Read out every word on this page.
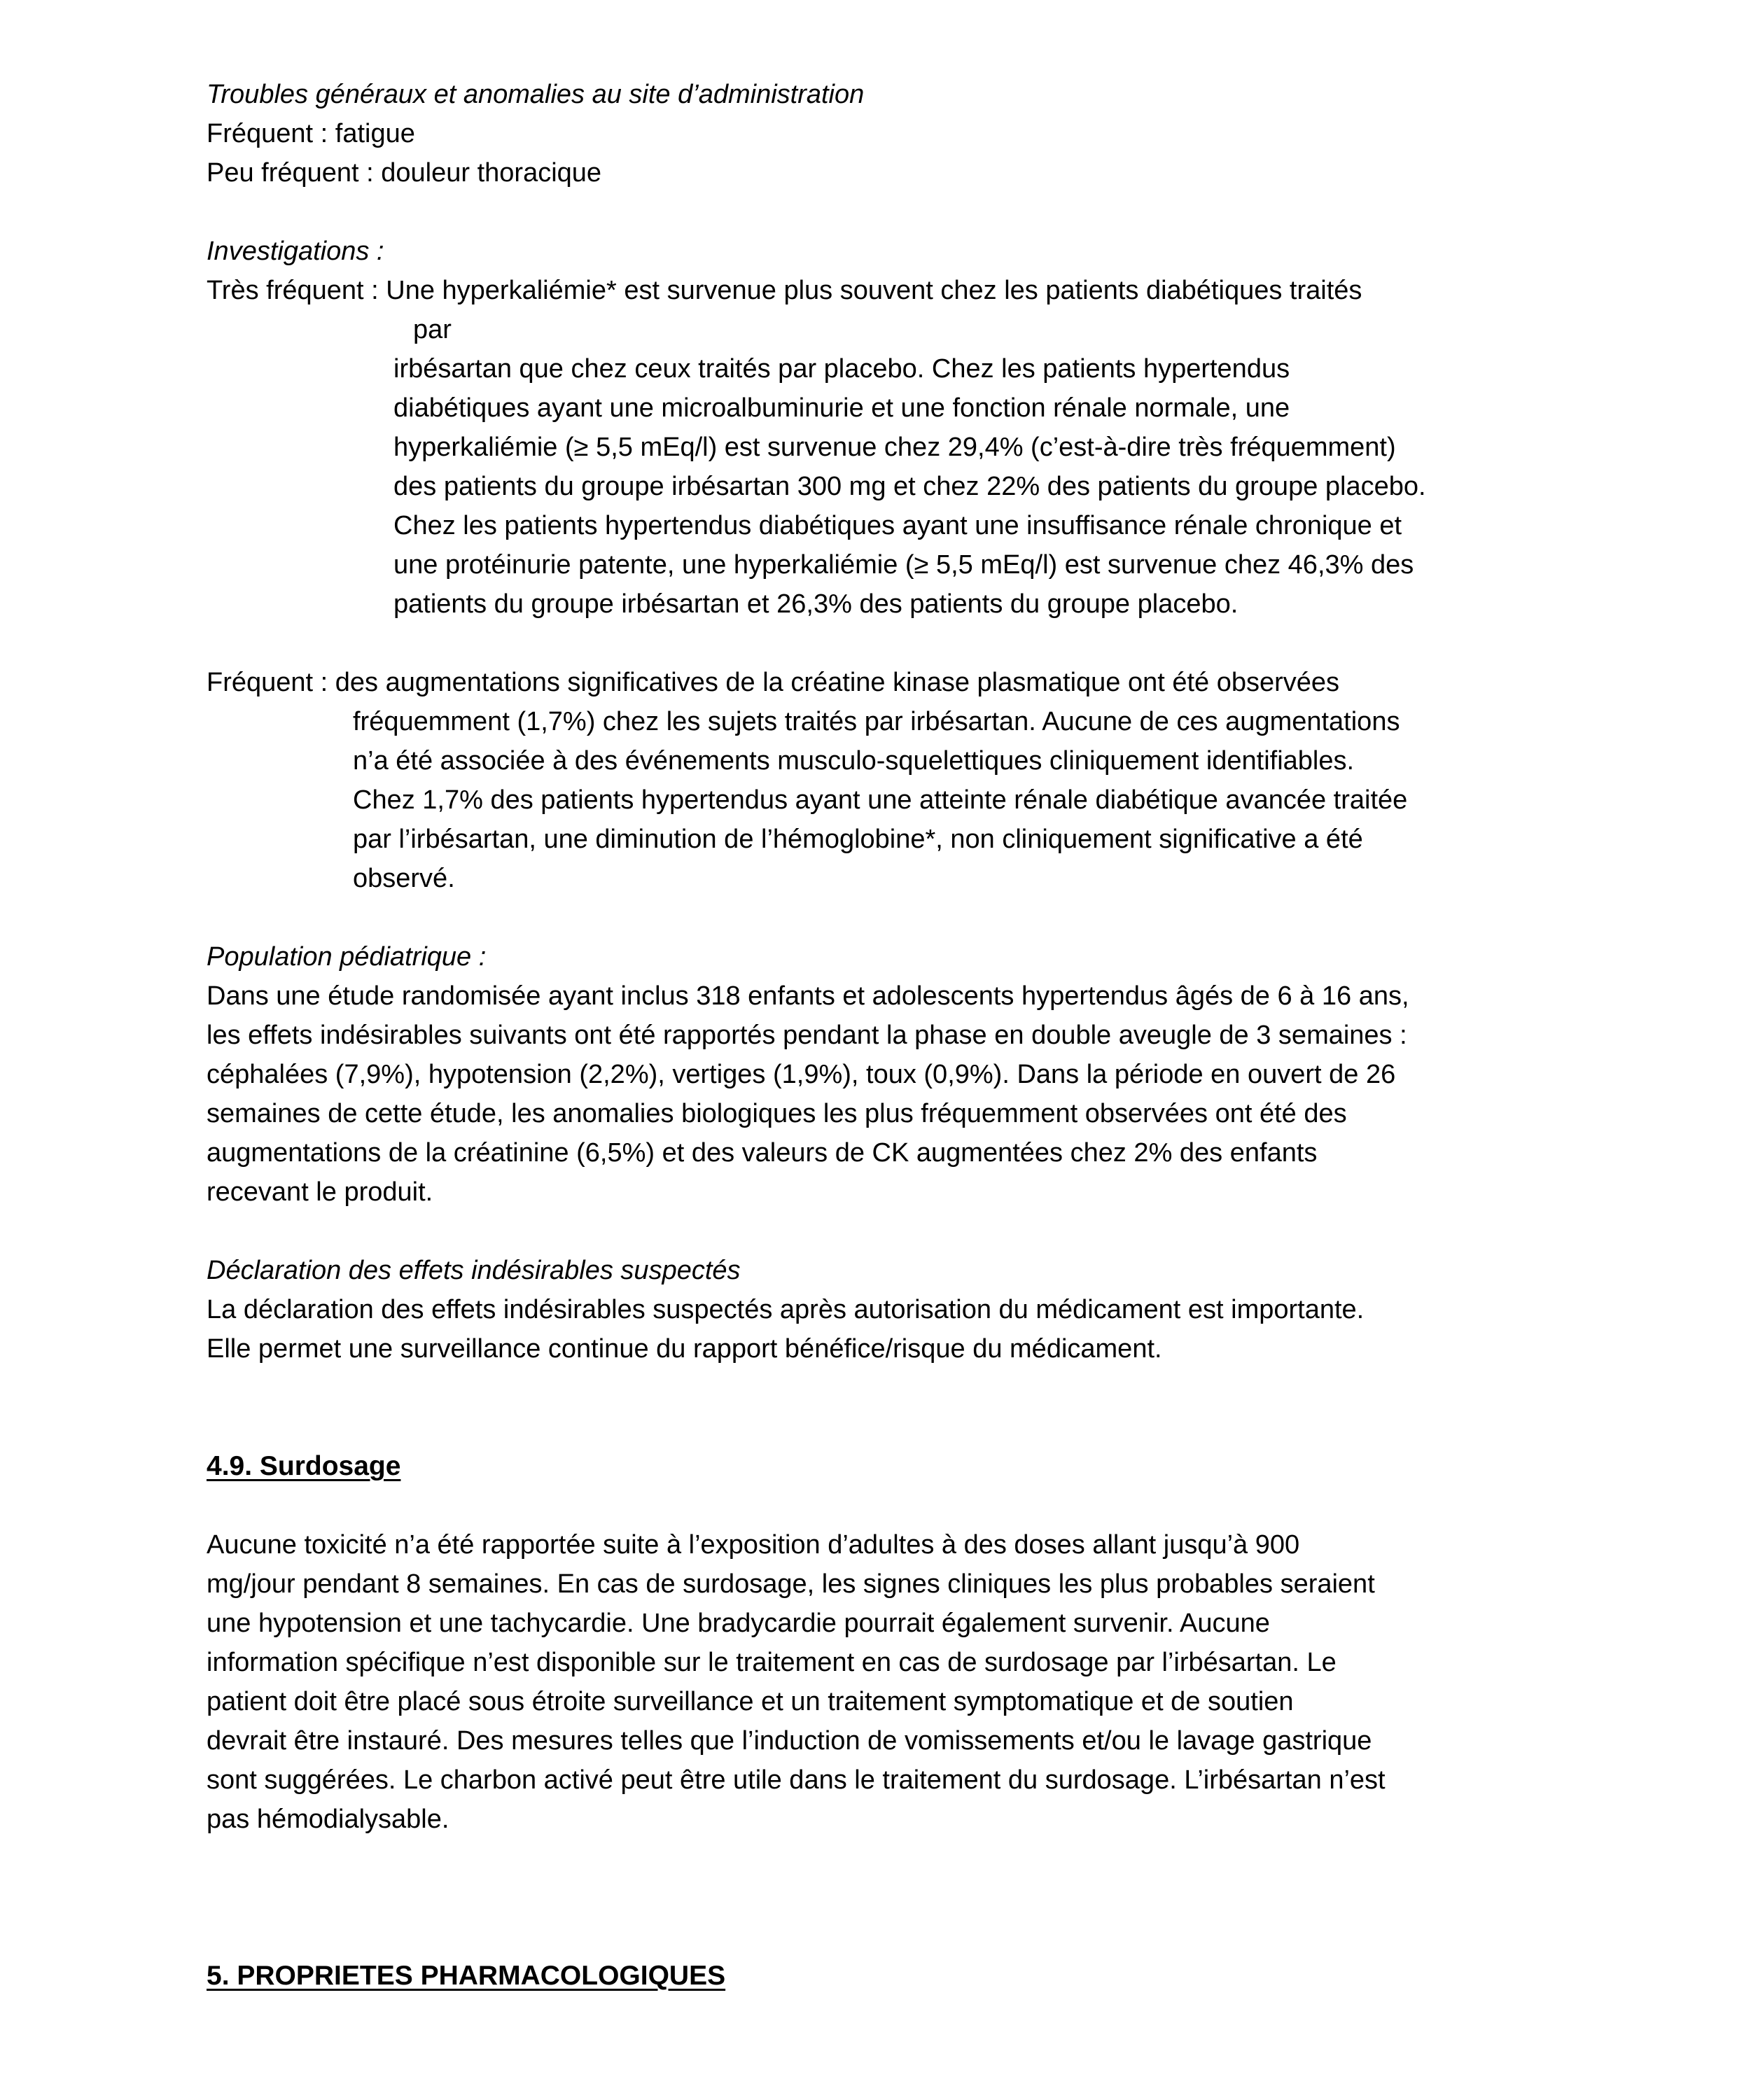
Troubles généraux et anomalies au site d’administration
Fréquent : fatigue
Peu fréquent : douleur thoracique
Investigations :
Très fréquent : Une hyperkaliémie* est survenue plus souvent chez les patients diabétiques traités
par
irbésartan que chez ceux traités par placebo. Chez les patients hypertendus
diabétiques ayant une microalbuminurie et une fonction rénale normale, une
hyperkaliémie (≥ 5,5 mEq/l) est survenue chez 29,4% (c’est-à-dire très fréquemment)
des patients du groupe irbésartan 300 mg et chez 22% des patients du groupe placebo.
Chez les patients hypertendus diabétiques ayant une insuffisance rénale chronique et
une protéinurie patente, une hyperkaliémie (≥ 5,5 mEq/l) est survenue chez 46,3% des
patients du groupe irbésartan et 26,3% des patients du groupe placebo.
Fréquent : des augmentations significatives de la créatine kinase plasmatique ont été observées
fréquemment (1,7%) chez les sujets traités par irbésartan. Aucune de ces augmentations
n’a été associée à des événements musculo-squelettiques cliniquement identifiables.
Chez 1,7% des patients hypertendus ayant une atteinte rénale diabétique avancée traitée
par l’irbésartan, une diminution de l’hémoglobine*, non cliniquement significative a été
observé.
Population pédiatrique :
Dans une étude randomisée ayant inclus 318 enfants et adolescents hypertendus âgés de 6 à 16 ans,
les effets indésirables suivants ont été rapportés pendant la phase en double aveugle de 3 semaines :
céphalées (7,9%), hypotension (2,2%), vertiges (1,9%), toux (0,9%). Dans la période en ouvert de 26
semaines de cette étude, les anomalies biologiques les plus fréquemment observées ont été des
augmentations de la créatinine (6,5%) et des valeurs de CK augmentées chez 2% des enfants
recevant le produit.
Déclaration des effets indésirables suspectés
La déclaration des effets indésirables suspectés après autorisation du médicament est importante.
Elle permet une surveillance continue du rapport bénéfice/risque du médicament.
4.9. Surdosage
Aucune toxicité n’a été rapportée suite à l’exposition d’adultes à des doses allant jusqu’à 900
mg/jour pendant 8 semaines. En cas de surdosage, les signes cliniques les plus probables seraient
une hypotension et une tachycardie. Une bradycardie pourrait également survenir. Aucune
information spécifique n’est disponible sur le traitement en cas de surdosage par l’irbésartan. Le
patient doit être placé sous étroite surveillance et un traitement symptomatique et de soutien
devrait être instauré. Des mesures telles que l’induction de vomissements et/ou le lavage gastrique
sont suggérées. Le charbon activé peut être utile dans le traitement du surdosage. L’irbésartan n’est
pas hémodialysable.
5. PROPRIETES PHARMACOLOGIQUES
